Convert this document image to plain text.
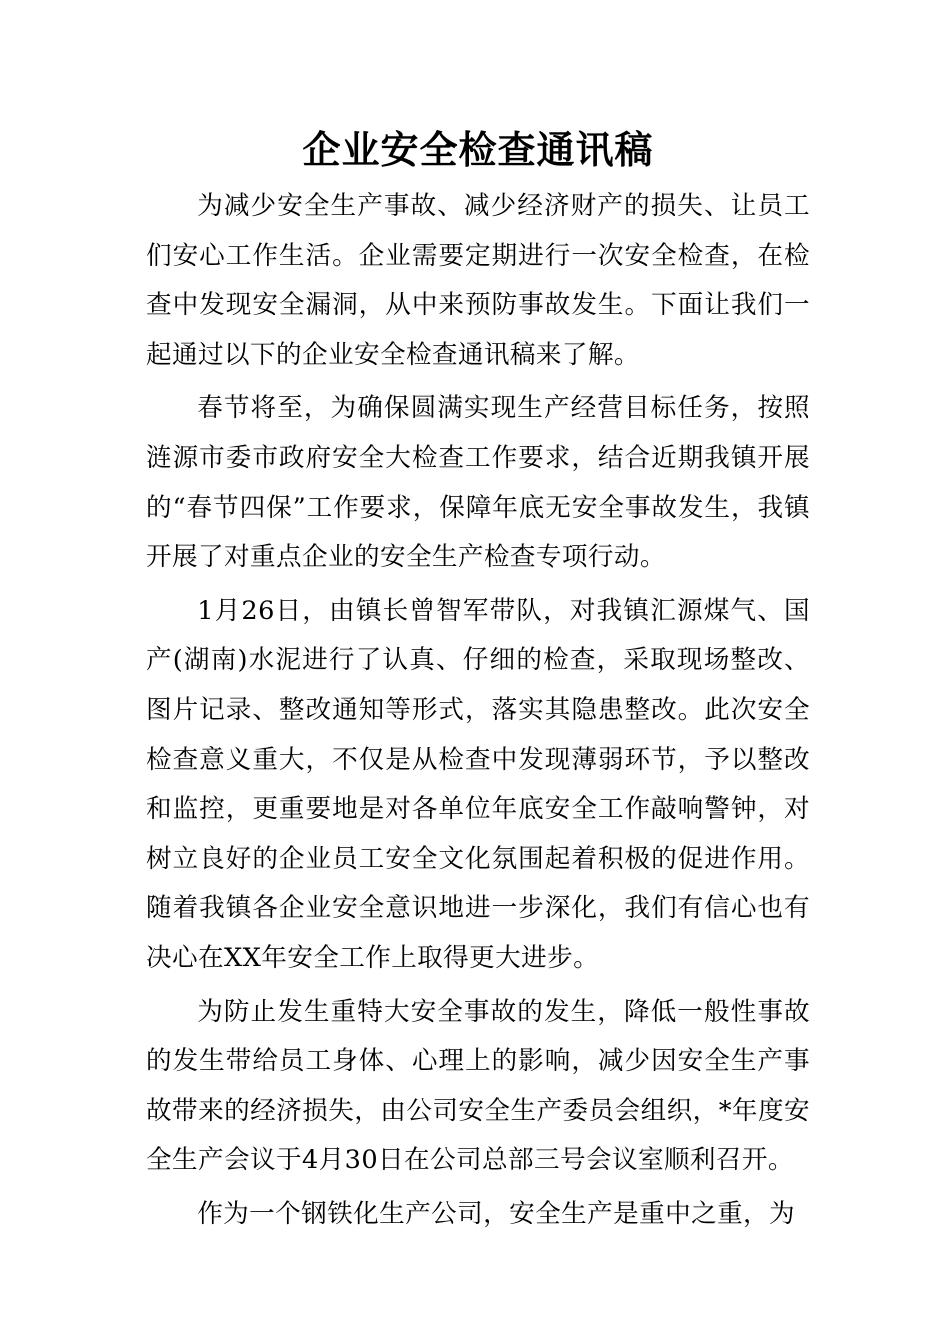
企业安全检查通讯稿

为减少安全生产事故、减少经济财产的损失、让员工们安心工作生活。企业需要定期进行一次安全检查，在检查中发现安全漏洞，从中来预防事故发生。下面让我们一起通过以下的企业安全检查通讯稿来了解。

春节将至，为确保圆满实现生产经营目标任务，按照涟源市委市政府安全大检查工作要求，结合近期我镇开展的“春节四保”工作要求，保障年底无安全事故发生，我镇开展了对重点企业的安全生产检查专项行动。

1月26日，由镇长曾智军带队，对我镇汇源煤气、国产(湖南)水泥进行了认真、仔细的检查，采取现场整改、图片记录、整改通知等形式，落实其隐患整改。此次安全检查意义重大，不仅是从检查中发现薄弱环节，予以整改和监控，更重要地是对各单位年底安全工作敲响警钟，对树立良好的企业员工安全文化氛围起着积极的促进作用。随着我镇各企业安全意识地进一步深化，我们有信心也有决心在XX年安全工作上取得更大进步。

为防止发生重特大安全事故的发生，降低一般性事故的发生带给员工身体、心理上的影响，减少因安全生产事故带来的经济损失，由公司安全生产委员会组织，*年度安全生产会议于4月30日在公司总部三号会议室顺利召开。

作为一个钢铁化生产公司，安全生产是重中之重，为
